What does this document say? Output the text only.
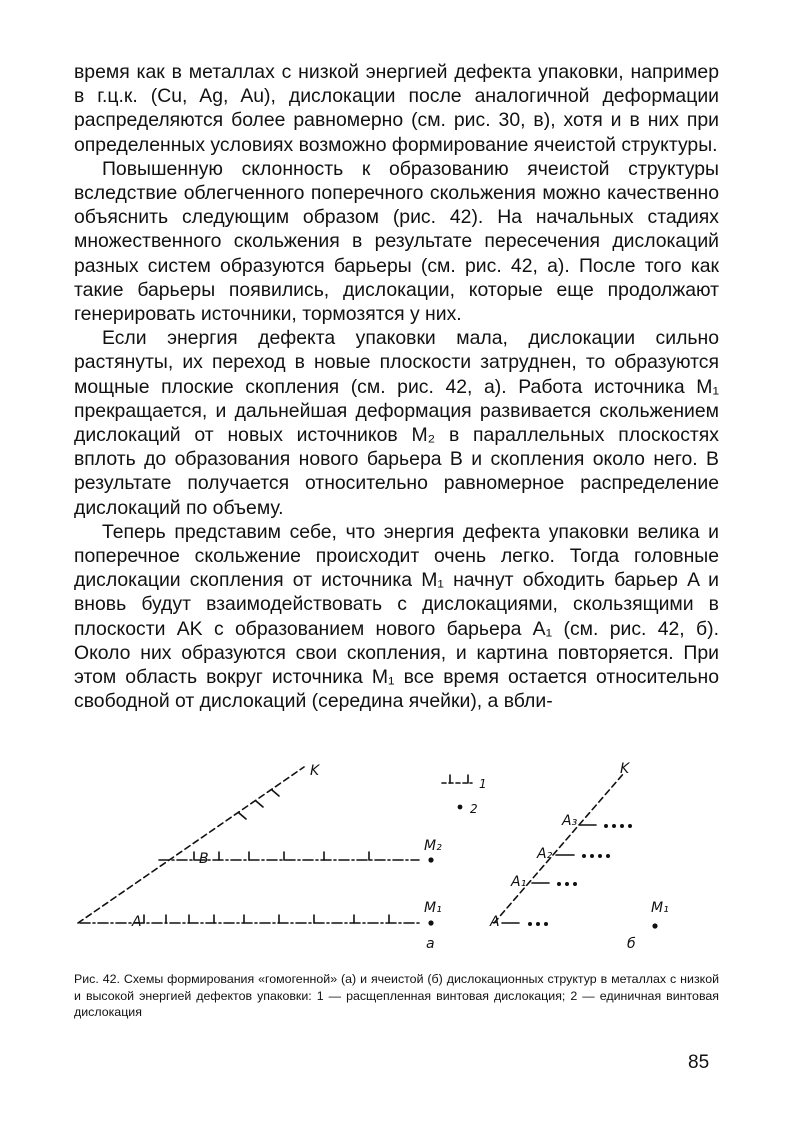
время как в металлах с низкой энергией дефекта упаковки, например в г.ц.к. (Cu, Ag, Au), дислокации после аналогичной деформации распределяются более равномерно (см. рис. 30, в), хотя и в них при определенных условиях возможно формирование ячеистой структуры.

Повышенную склонность к образованию ячеистой структуры вследствие облегченного поперечного скольжения можно качественно объяснить следующим образом (рис. 42). На начальных стадиях множественного скольжения в результате пересечения дислокаций разных систем образуются барьеры (см. рис. 42, а). После того как такие барьеры появились, дислокации, которые еще продолжают генерировать источники, тормозятся у них.

Если энергия дефекта упаковки мала, дислокации сильно растянуты, их переход в новые плоскости затруднен, то образуются мощные плоские скопления (см. рис. 42, а). Работа источника M₁ прекращается, и дальнейшая деформация развивается скольжением дислокаций от новых источников M₂ в параллельных плоскостях вплоть до образования нового барьера B и скопления около него. В результате получается относительно равномерное распределение дислокаций по объему.

Теперь представим себе, что энергия дефекта упаковки велика и поперечное скольжение происходит очень легко. Тогда головные дислокации скопления от источника M₁ начнут обходить барьер A и вновь будут взаимодействовать с дислокациями, скользящими в плоскости AK с образованием нового барьера A₁ (см. рис. 42, б). Около них образуются свои скопления, и картина повторяется. При этом область вокруг источника M₁ все время остается относительно свободной от дислокаций (середина ячейки), а вбли-

K
B
M₂
A
M₁
а
1
2
K
A₃
A₂
A₁
A
M₁
б
Рис. 42. Схемы формирования «гомогенной» (а) и ячеистой (б) дислокационных структур в металлах с низкой и высокой энергией дефектов упаковки: 1 — расщепленная винтовая дислокация; 2 — единичная винтовая дислокация
85
